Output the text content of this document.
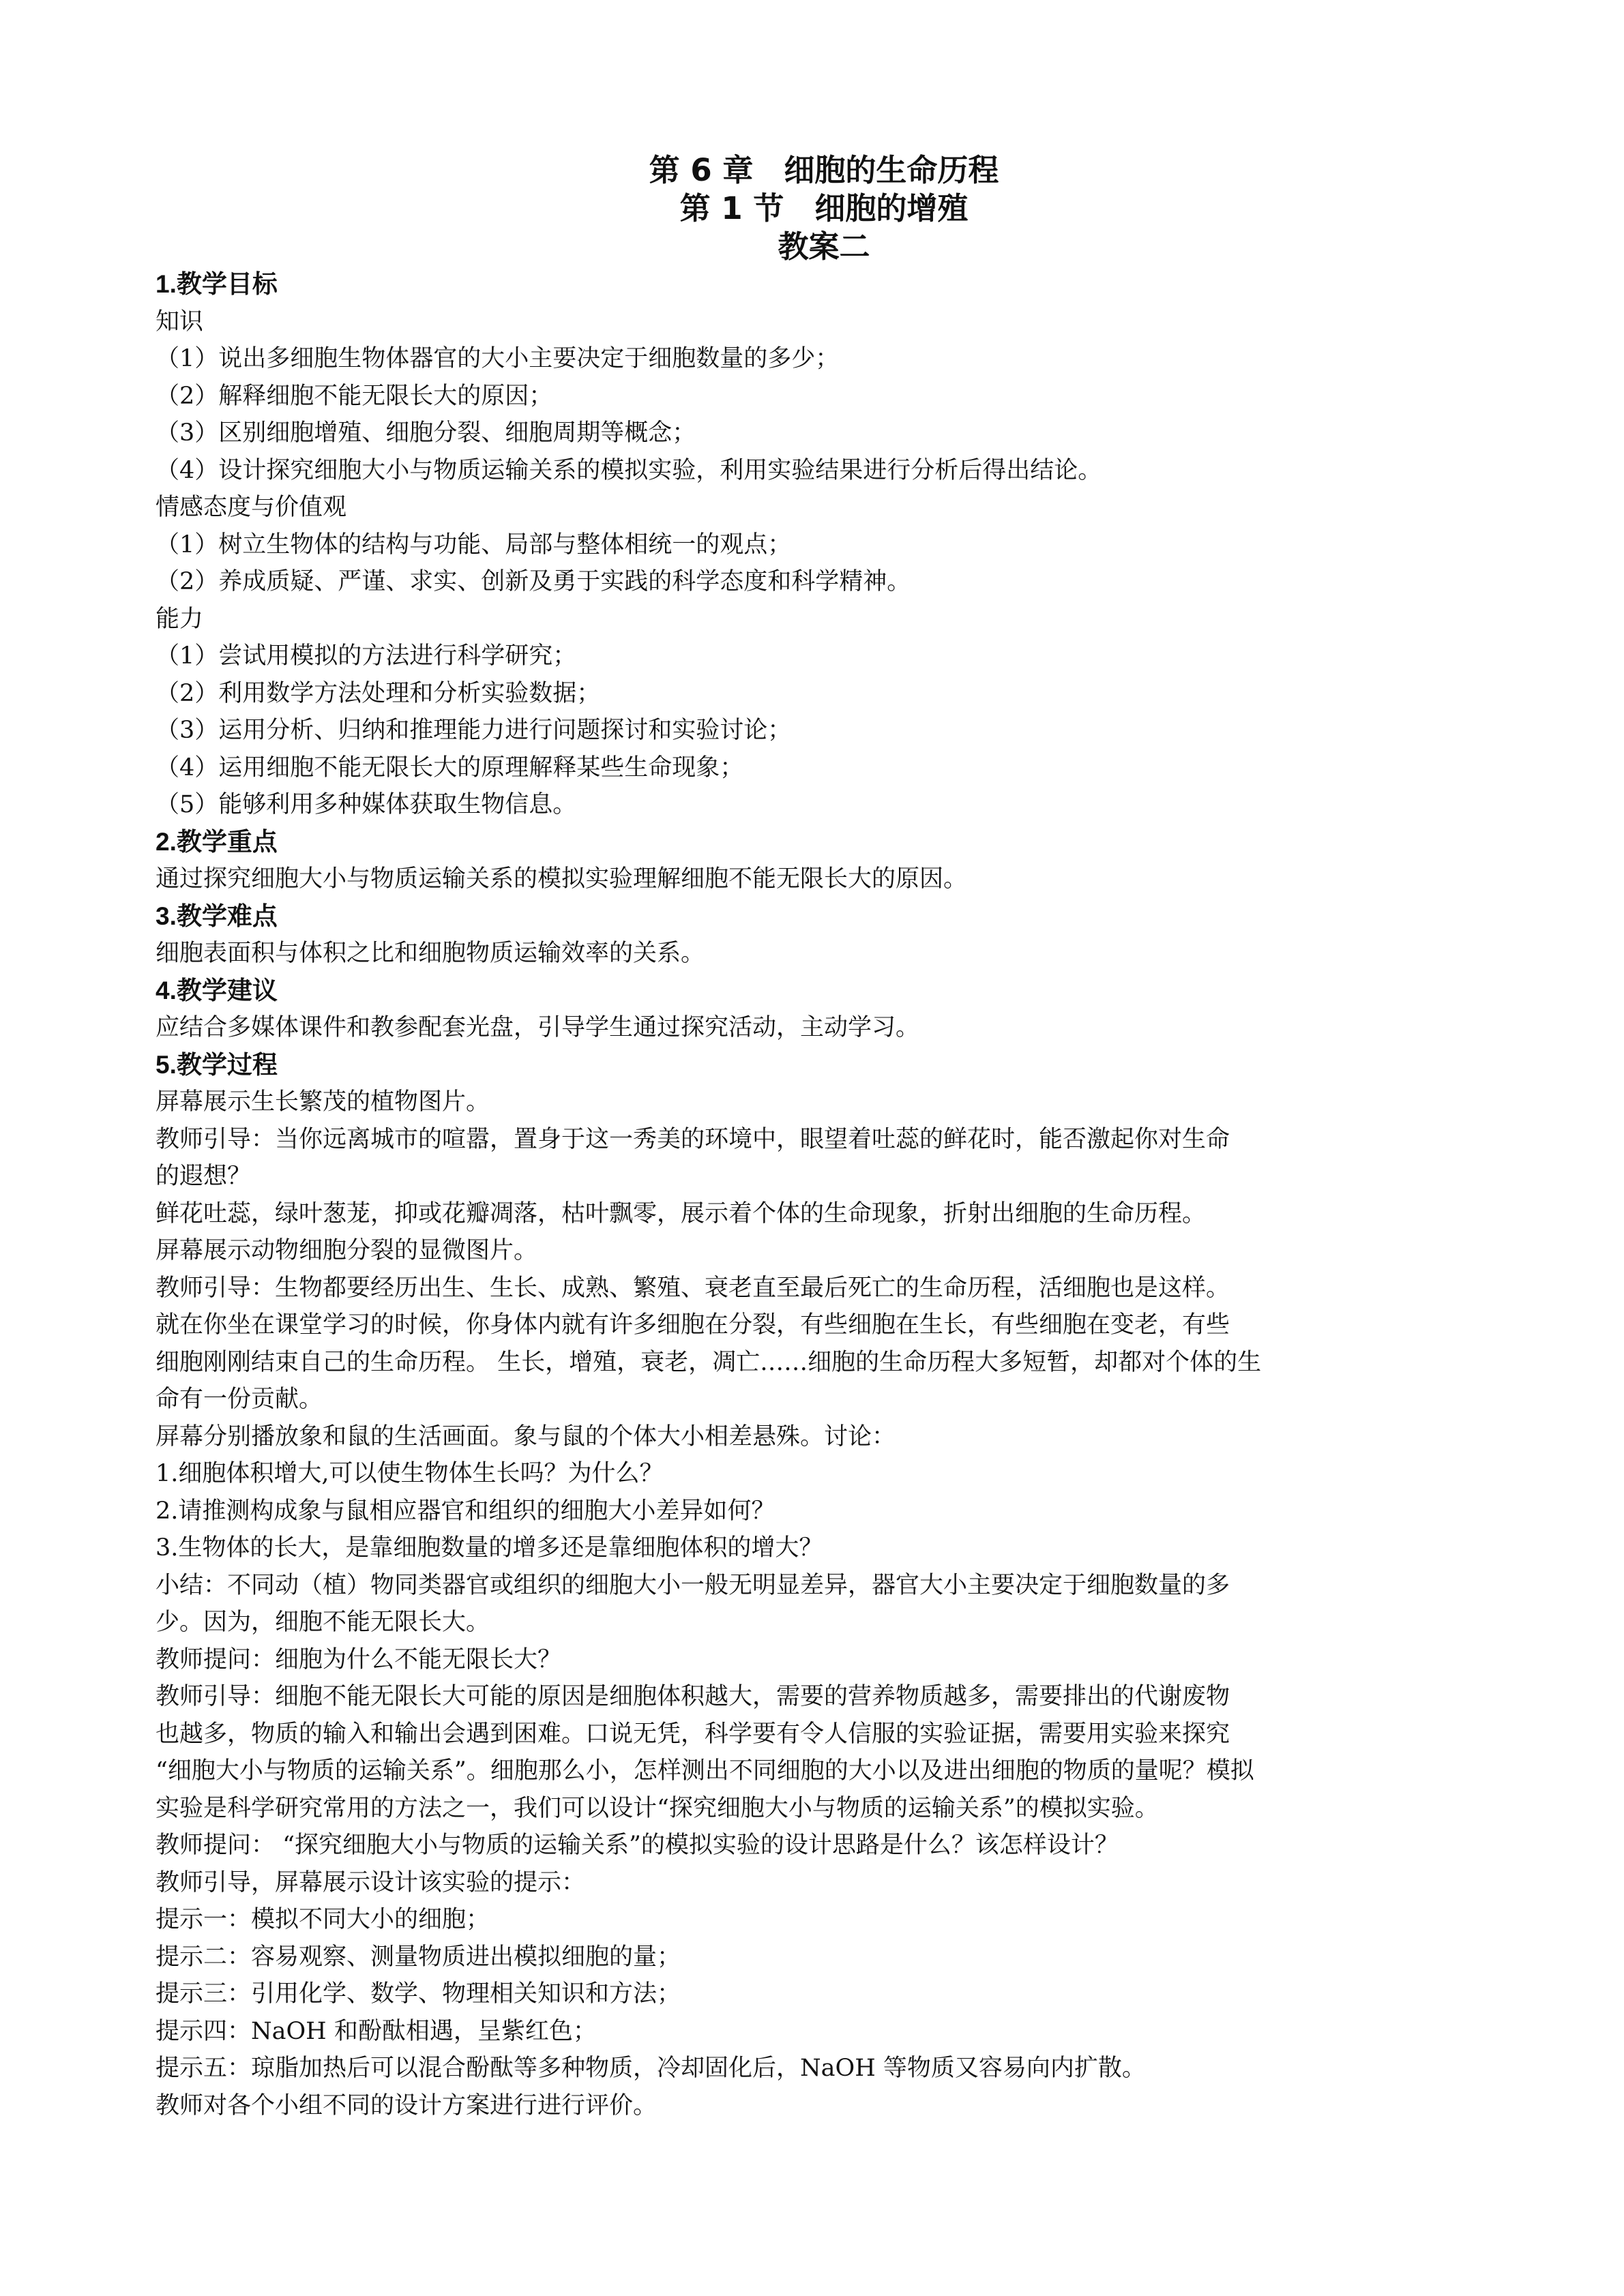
第 6 章　细胞的生命历程

第 1 节　细胞的增殖

教案二

1.教学目标

知识

（1）说出多细胞生物体器官的大小主要决定于细胞数量的多少；

（2）解释细胞不能无限长大的原因；

（3）区别细胞增殖、细胞分裂、细胞周期等概念；

（4）设计探究细胞大小与物质运输关系的模拟实验，利用实验结果进行分析后得出结论。

情感态度与价值观

（1）树立生物体的结构与功能、局部与整体相统一的观点；

（2）养成质疑、严谨、求实、创新及勇于实践的科学态度和科学精神。

能力

（1）尝试用模拟的方法进行科学研究；

（2）利用数学方法处理和分析实验数据；

（3）运用分析、归纳和推理能力进行问题探讨和实验讨论；

（4）运用细胞不能无限长大的原理解释某些生命现象；

（5）能够利用多种媒体获取生物信息。

2.教学重点

通过探究细胞大小与物质运输关系的模拟实验理解细胞不能无限长大的原因。

3.教学难点

细胞表面积与体积之比和细胞物质运输效率的关系。

4.教学建议

应结合多媒体课件和教参配套光盘，引导学生通过探究活动，主动学习。

5.教学过程

屏幕展示生长繁茂的植物图片。

教师引导：当你远离城市的喧嚣，置身于这一秀美的环境中，眼望着吐蕊的鲜花时，能否激起你对生命

的遐想？

鲜花吐蕊，绿叶葱茏，抑或花瓣凋落，枯叶飘零，展示着个体的生命现象，折射出细胞的生命历程。

屏幕展示动物细胞分裂的显微图片。

教师引导：生物都要经历出生、生长、成熟、繁殖、衰老直至最后死亡的生命历程，活细胞也是这样。

就在你坐在课堂学习的时候，你身体内就有许多细胞在分裂，有些细胞在生长，有些细胞在变老，有些

细胞刚刚结束自己的生命历程。 生长，增殖，衰老，凋亡……细胞的生命历程大多短暂，却都对个体的生

命有一份贡献。

屏幕分别播放象和鼠的生活画面。象与鼠的个体大小相差悬殊。讨论：

1.细胞体积增大,可以使生物体生长吗？为什么？

2.请推测构成象与鼠相应器官和组织的细胞大小差异如何？

3.生物体的长大，是靠细胞数量的增多还是靠细胞体积的增大？

小结：不同动（植）物同类器官或组织的细胞大小一般无明显差异，器官大小主要决定于细胞数量的多

少。因为，细胞不能无限长大。

教师提问：细胞为什么不能无限长大？

教师引导：细胞不能无限长大可能的原因是细胞体积越大，需要的营养物质越多，需要排出的代谢废物

也越多，物质的输入和输出会遇到困难。口说无凭，科学要有令人信服的实验证据，需要用实验来探究

“细胞大小与物质的运输关系”。细胞那么小，怎样测出不同细胞的大小以及进出细胞的物质的量呢？模拟

实验是科学研究常用的方法之一，我们可以设计“探究细胞大小与物质的运输关系”的模拟实验。

教师提问： “探究细胞大小与物质的运输关系”的模拟实验的设计思路是什么？该怎样设计？

教师引导，屏幕展示设计该实验的提示：

提示一：模拟不同大小的细胞；

提示二：容易观察、测量物质进出模拟细胞的量；

提示三：引用化学、数学、物理相关知识和方法；

提示四：NaOH 和酚酞相遇，呈紫红色；

提示五：琼脂加热后可以混合酚酞等多种物质，冷却固化后，NaOH 等物质又容易向内扩散。

教师对各个小组不同的设计方案进行进行评价。
